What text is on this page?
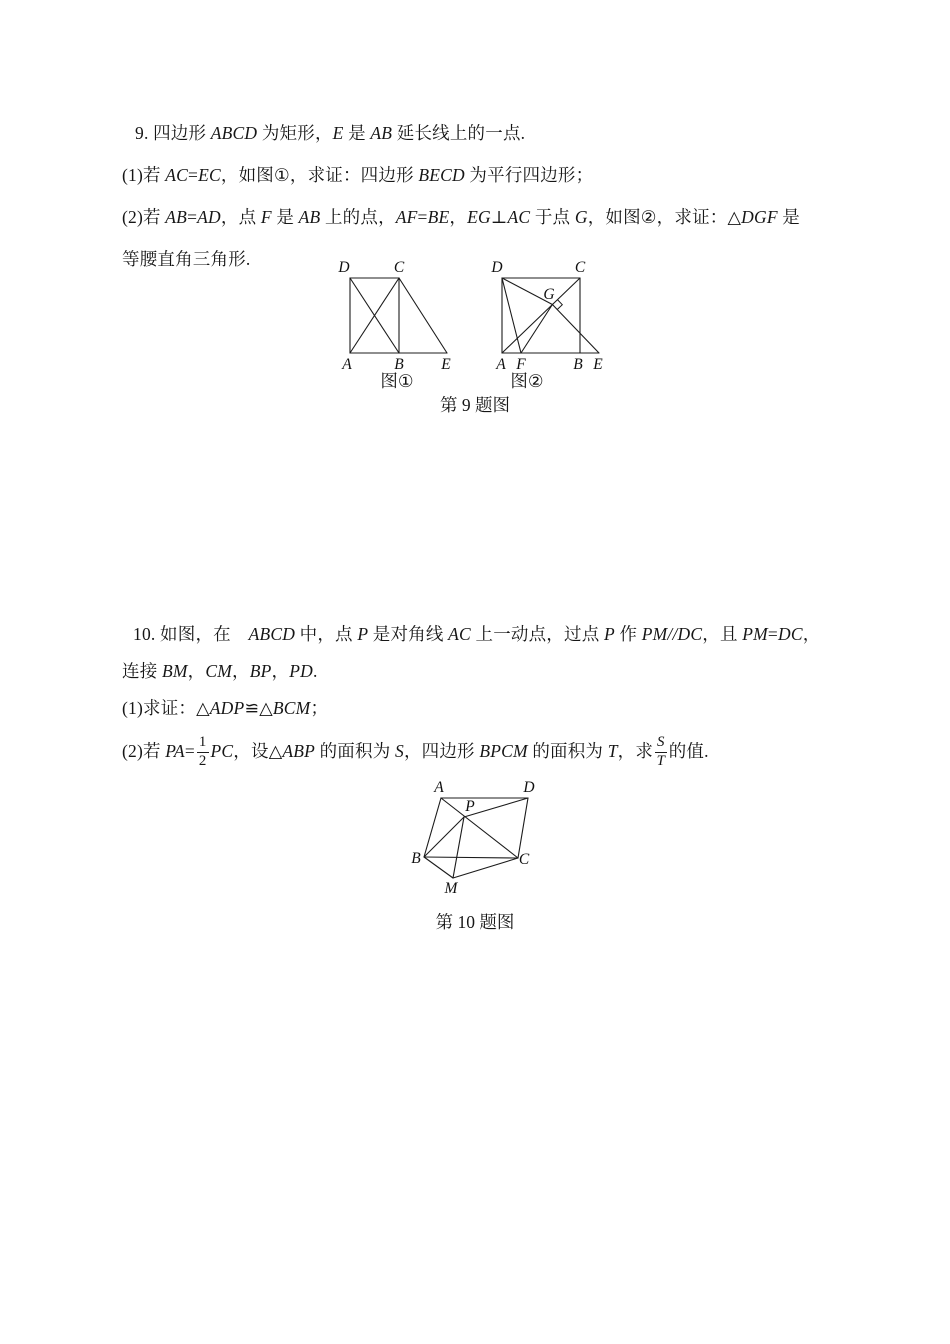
A	B E
D	C
A F	B E
D	C
G
A	D
P
B	C
M
9. 四边形 ABCD 为矩形，E 是 AB 延长线上的一点.
(1)若 AC=EC，如图①，求证：四边形 BECD 为平行四边形；
(2)若 AB=AD，点 F 是 AB 上的点，AF=BE，EG⊥AC 于点 G，如图②，求证：△DGF 是
等腰直角三角形.
图①	图②
第 9 题图
10. 如图，在　 ABCD 中，点 P 是对角线 AC 上一动点，过点 P 作 PM//DC，且 PM=DC，
连接 BM，CM，BP，PD.
(1)求证：△ADP≌△BCM；
(2)若 $PA= \frac{1}{2}$ PC，设△ABP 的面积为 S，四边形 BPCM 的面积为 T，求 $\frac{S}{T}$ 的值.
第 10 题图
